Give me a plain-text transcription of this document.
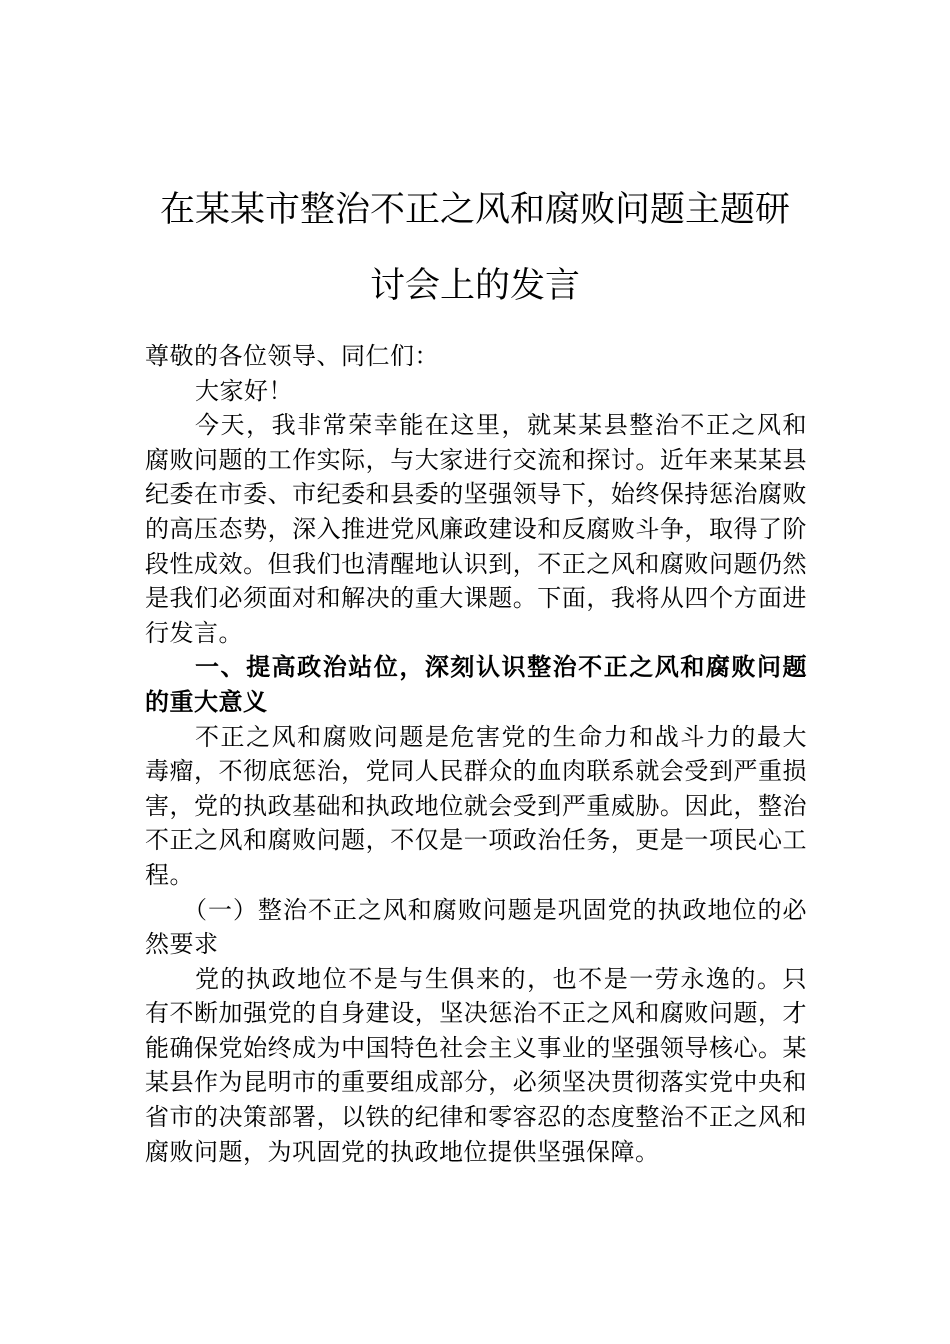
在某某市整治不正之风和腐败问题主题研
讨会上的发言

尊敬的各位领导、同仁们：

大家好！

今天，我非常荣幸能在这里，就某某县整治不正之风和腐败问题的工作实际，与大家进行交流和探讨。近年来某某县纪委在市委、市纪委和县委的坚强领导下，始终保持惩治腐败的高压态势，深入推进党风廉政建设和反腐败斗争，取得了阶段性成效。但我们也清醒地认识到，不正之风和腐败问题仍然是我们必须面对和解决的重大课题。下面，我将从四个方面进行发言。

一、提高政治站位，深刻认识整治不正之风和腐败问题的重大意义

不正之风和腐败问题是危害党的生命力和战斗力的最大毒瘤，不彻底惩治，党同人民群众的血肉联系就会受到严重损害，党的执政基础和执政地位就会受到严重威胁。因此，整治不正之风和腐败问题，不仅是一项政治任务，更是一项民心工程。

（一）整治不正之风和腐败问题是巩固党的执政地位的必然要求

党的执政地位不是与生俱来的，也不是一劳永逸的。只有不断加强党的自身建设，坚决惩治不正之风和腐败问题，才能确保党始终成为中国特色社会主义事业的坚强领导核心。某某县作为昆明市的重要组成部分，必须坚决贯彻落实党中央和省市的决策部署，以铁的纪律和零容忍的态度整治不正之风和腐败问题，为巩固党的执政地位提供坚强保障。
